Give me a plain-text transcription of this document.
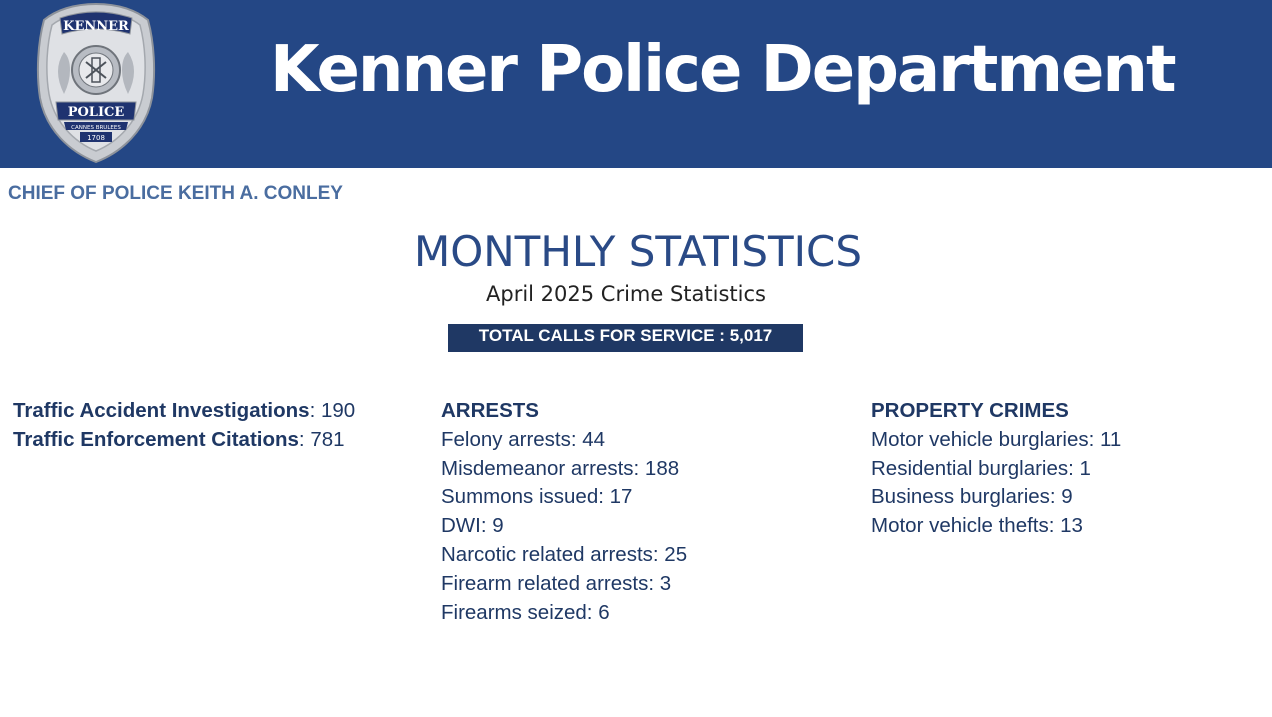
KENNER
POLICE
CANNES BRULEES
1708
Kenner Police Department
CHIEF OF POLICE KEITH A. CONLEY
MONTHLY STATISTICS
April 2025 Crime Statistics
TOTAL CALLS FOR SERVICE : 5,017
Traffic Accident Investigations: 190
Traffic Enforcement Citations: 781
ARRESTS
Felony arrests: 44
Misdemeanor arrests: 188
Summons issued: 17
DWI: 9
Narcotic related arrests: 25
Firearm related arrests: 3
Firearms seized: 6
PROPERTY CRIMES
Motor vehicle burglaries: 11
Residential burglaries: 1
Business burglaries: 9
Motor vehicle thefts: 13
